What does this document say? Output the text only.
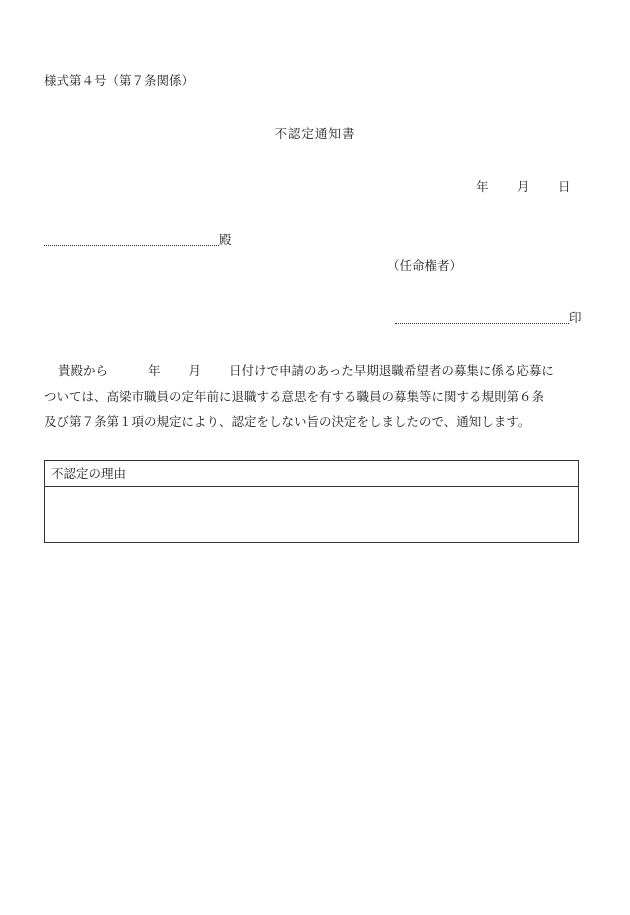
様式第４号（第７条関係）
不認定通知書
年 月 日
殿
（任命権者）
印

貴殿から	年 月 日付けで申請のあった早期退職希望者の募集に係る応募に

ついては、高梁市職員の定年前に退職する意思を有する職員の募集等に関する規則第６条

及び第７条第１項の規定により、認定をしない旨の決定をしましたので、通知します。

不認定の理由
